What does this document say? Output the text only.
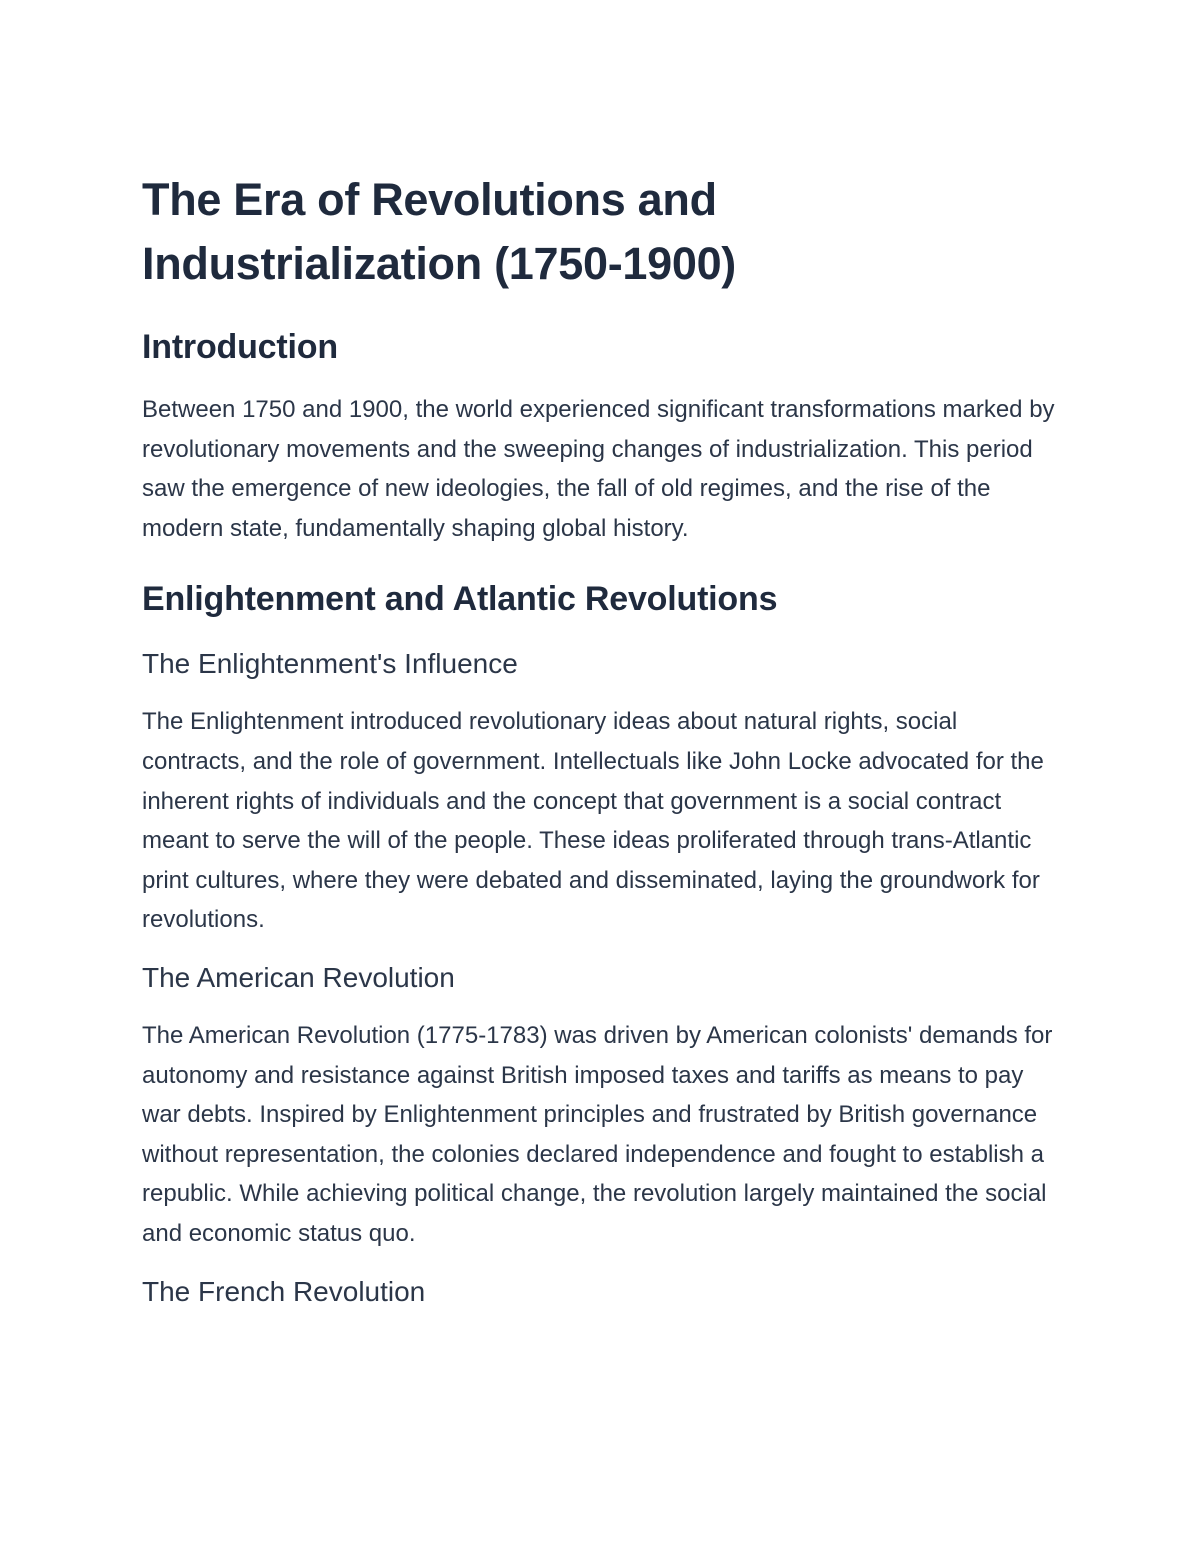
The Era of Revolutions and Industrialization (1750-1900)
Introduction

Between 1750 and 1900, the world experienced significant transformations marked by revolutionary movements and the sweeping changes of industrialization. This period saw the emergence of new ideologies, the fall of old regimes, and the rise of the modern state, fundamentally shaping global history.

Enlightenment and Atlantic Revolutions
The Enlightenment's Influence

The Enlightenment introduced revolutionary ideas about natural rights, social contracts, and the role of government. Intellectuals like John Locke advocated for the inherent rights of individuals and the concept that government is a social contract meant to serve the will of the people. These ideas proliferated through trans-Atlantic print cultures, where they were debated and disseminated, laying the groundwork for revolutions.

The American Revolution

The American Revolution (1775-1783) was driven by American colonists' demands for autonomy and resistance against British imposed taxes and tariffs as means to pay war debts. Inspired by Enlightenment principles and frustrated by British governance without representation, the colonies declared independence and fought to establish a republic. While achieving political change, the revolution largely maintained the social and economic status quo.

The French Revolution
